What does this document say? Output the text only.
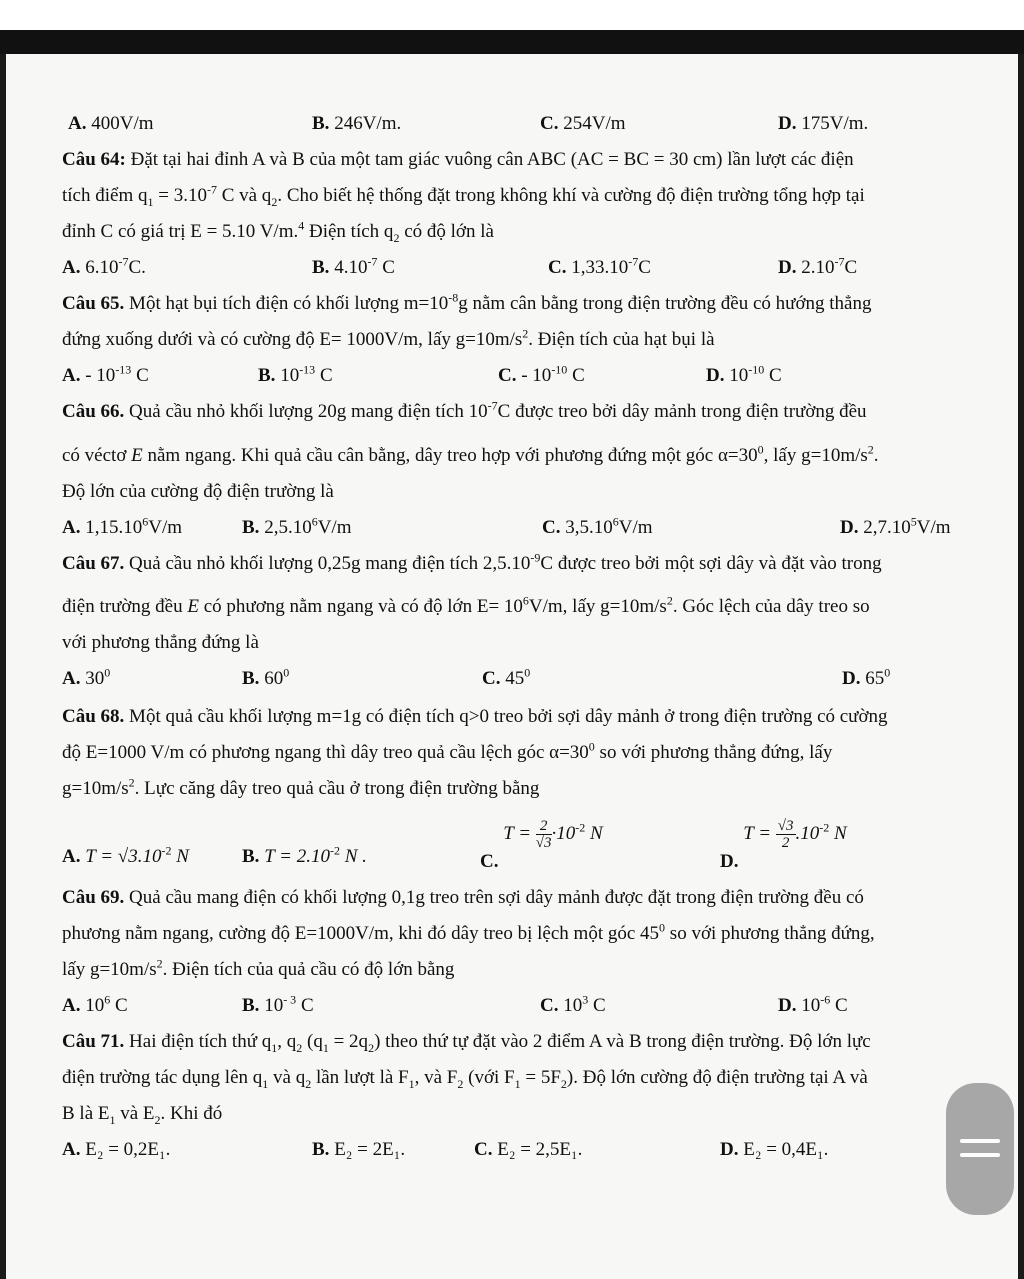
A. 400V/m	B. 246V/m.	C. 254V/m	D. 175V/m.
Câu 64: Đặt tại hai đỉnh A và B của một tam giác vuông cân ABC (AC = BC = 30 cm) lần lượt các điện
tích điểm $q_1 = 3.10^{-7}$ C và $q_2$. Cho biết hệ thống đặt trong không khí và cường độ điện trường tổng hợp tại
đỉnh C có giá trị E = 5.10 V/m.$^4$ Điện tích $q_2$ có độ lớn là
A. $6.10^{-7}C$.	B. $4.10^{-7}$ C	C. $1,33.10^{-7}C$	D. $2.10^{-7}C$
Câu 65. Một hạt bụi tích điện có khối lượng $m=10^{-8}g$ nằm cân bằng trong điện trường đều có hướng thẳng
đứng xuống dưới và có cường độ E= 1000V/m, lấy $g=10m/s^2$. Điện tích của hạt bụi là
A. - $10^{-13}$ C	B. $10^{-13}$ C	C. - $10^{-10}$ C	D. $10^{-10}$ C
Câu 66. Quả cầu nhỏ khối lượng 20g mang điện tích $10^{-7}C$ được treo bởi dây mảnh trong điện trường đều
có véctơ E nằm ngang. Khi quả cầu cân bằng, dây treo hợp với phương đứng một góc $\alpha=30^0$, lấy $g=10m/s^2$.
Độ lớn của cường độ điện trường là
A. 1,15.10$^6$V/m	B. 2,5.10$^6$V/m	C. 3,5.10$^6$V/m	D. 2,7.10$^5$V/m
Câu 67. Quả cầu nhỏ khối lượng 0,25g mang điện tích $2,5.10^{-9}C$ được treo bởi một sợi dây và đặt vào trong
điện trường đều E có phương nằm ngang và có độ lớn $E= 10^6V/m$, lấy $g=10m/s^2$. Góc lệch của dây treo so
với phương thẳng đứng là
A. $30^0$	B. $60^0$	C. $45^0$	D. $65^0$
Câu 68. Một quả cầu khối lượng m=1g có điện tích q>0 treo bởi sợi dây mảnh ở trong điện trường có cường
độ E=1000 V/m có phương ngang thì dây treo quả cầu lệch góc $\alpha=30^0$ so với phương thẳng đứng, lấy
$g=10m/s^2$. Lực căng dây treo quả cầu ở trong điện trường bằng
A. $T = √3.10^{-2}$ N	B. $T = 2.10^{-2}$ N .	C. $T = \frac{2}{√3} \cdot 10^{-2}$ N
D. $T = \frac{√3}{2} .10^{-2}$ N
Câu 69. Quả cầu mang điện có khối lượng 0,1g treo trên sợi dây mảnh được đặt trong điện trường đều có
phương nằm ngang, cường độ E=1000V/m, khi đó dây treo bị lệch một góc $45^0$ so với phương thẳng đứng,
lấy $g=10m/s^2$. Điện tích của quả cầu có độ lớn bằng
A. $10^6$ C	B. $10^{- 3}$ C	C. $10^3$ C	D. $10^{-6}$ C
Câu 71. Hai điện tích thứ $q_1$, $q_2$ $(q_1 = 2q_2)$ theo thứ tự đặt vào 2 điểm A và B trong điện trường. Độ lớn lực
điện trường tác dụng lên $q_1$ và $q_2$ lần lượt là $F_1$, và $F_2$ (với $F_1 = 5F_2$). Độ lớn cường độ điện trường tại A và
B là $E_1$ và $E_2$. Khi đó
A. E₂ = 0,2E₁.	B. E₂ = 2E₁.	C. E₂ = 2,5E₁.	D. E₂ = 0,4E₁.
